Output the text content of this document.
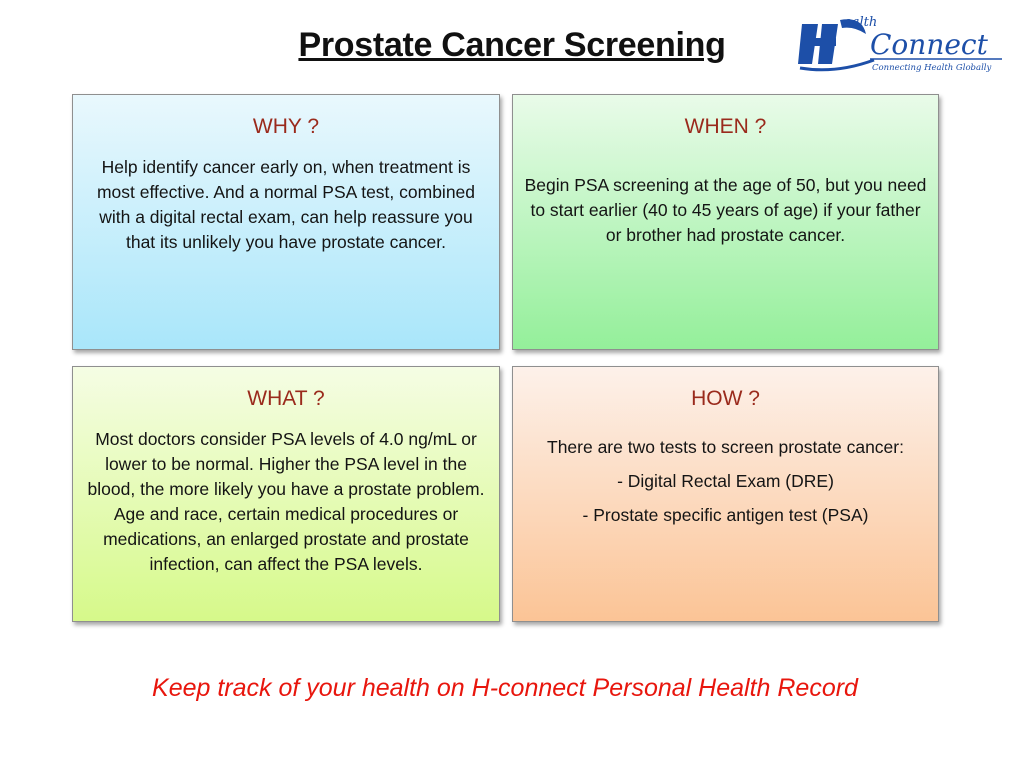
Prostate Cancer Screening
ealth
Connect
Connecting Health Globally
WHY ?

Help identify cancer early on, when treatment is most effective. And a normal PSA test, combined with a digital rectal exam, can help reassure you that its unlikely you have prostate cancer.

WHEN ?

Begin PSA screening at the age of 50, but you need to start earlier (40 to 45 years of age) if your father or brother had prostate cancer.

WHAT ?

Most doctors consider PSA levels of 4.0 ng/mL or lower to be normal. Higher the PSA level in the blood, the more likely you have a prostate problem. Age and race, certain medical procedures or medications, an enlarged prostate and prostate infection, can affect the PSA levels.

HOW ?

There are two tests to screen prostate cancer:

- Digital Rectal Exam (DRE)

- Prostate specific antigen test (PSA)

Keep track of your health on H-connect Personal Health Record
